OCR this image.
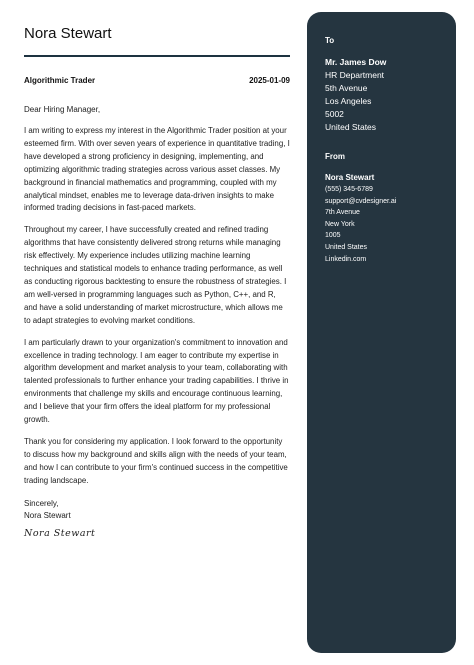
Nora Stewart
Algorithmic Trader	2025-01-09
Dear Hiring Manager,

I am writing to express my interest in the Algorithmic Trader position at your esteemed firm. With over seven years of experience in quantitative trading, I have developed a strong proficiency in designing, implementing, and optimizing algorithmic trading strategies across various asset classes. My background in financial mathematics and programming, coupled with my analytical mindset, enables me to leverage data-driven insights to make informed trading decisions in fast-paced markets.

Throughout my career, I have successfully created and refined trading algorithms that have consistently delivered strong returns while managing risk effectively. My experience includes utilizing machine learning techniques and statistical models to enhance trading performance, as well as conducting rigorous backtesting to ensure the robustness of strategies. I am well-versed in programming languages such as Python, C++, and R, and have a solid understanding of market microstructure, which allows me to adapt strategies to evolving market conditions.

I am particularly drawn to your organization's commitment to innovation and excellence in trading technology. I am eager to contribute my expertise in algorithm development and market analysis to your team, collaborating with talented professionals to further enhance your trading capabilities. I thrive in environments that challenge my skills and encourage continuous learning, and I believe that your firm offers the ideal platform for my professional growth.

Thank you for considering my application. I look forward to the opportunity to discuss how my background and skills align with the needs of your team, and how I can contribute to your firm's continued success in the competitive trading landscape.

Sincerely,
Nora Stewart
Nora Stewart
To
Mr. James Dow
HR Department
5th Avenue
Los Angeles
5002
United States
From
Nora Stewart
(555) 345-6789
support@cvdesigner.ai
7th Avenue
New York
1005
United States
Linkedin.com
